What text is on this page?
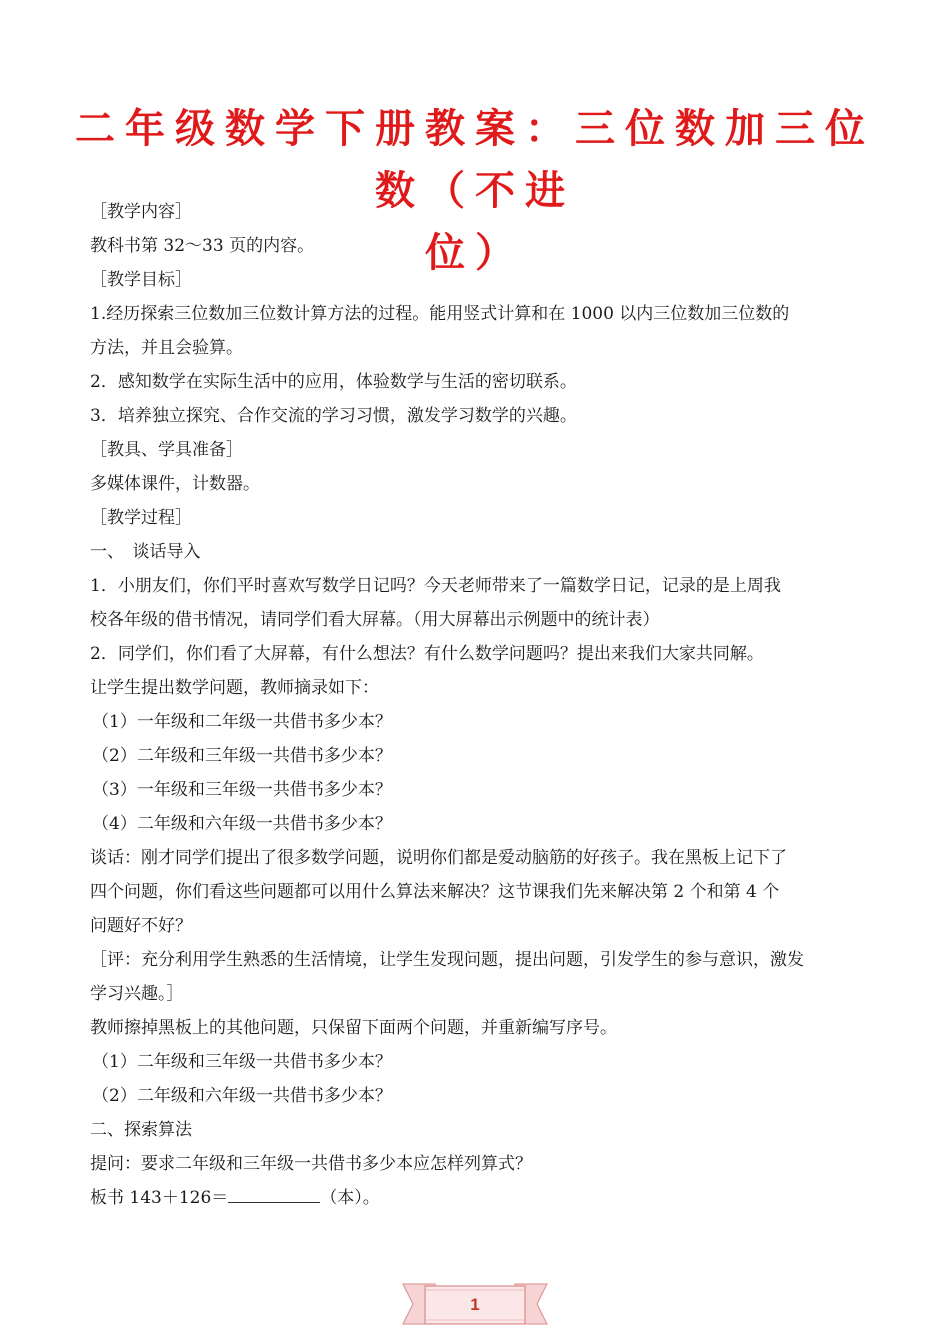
二年级数学下册教案：三位数加三位数（不进
位）

［教学内容］

教科书第 32～33 页的内容。

［教学目标］

1.经历探索三位数加三位数计算方法的过程。能用竖式计算和在 1000 以内三位数加三位数的

方法，并且会验算。

2．感知数学在实际生活中的应用，体验数学与生活的密切联系。

3．培养独立探究、合作交流的学习习惯，激发学习数学的兴趣。

［教具、学具准备］

多媒体课件，计数器。

［教学过程］

一、　谈话导入

1．小朋友们，你们平时喜欢写数学日记吗？今天老师带来了一篇数学日记，记录的是上周我

校各年级的借书情况，请同学们看大屏幕。（用大屏幕出示例题中的统计表）

2．同学们，你们看了大屏幕，有什么想法？有什么数学问题吗？提出来我们大家共同解。

让学生提出数学问题，教师摘录如下：

（1）一年级和二年级一共借书多少本？

（2）二年级和三年级一共借书多少本？

（3）一年级和三年级一共借书多少本？

（4）二年级和六年级一共借书多少本？

谈话：刚才同学们提出了很多数学问题，说明你们都是爱动脑筋的好孩子。我在黑板上记下了

四个问题，你们看这些问题都可以用什么算法来解决？这节课我们先来解决第 2 个和第 4 个

问题好不好？

［评：充分利用学生熟悉的生活情境，让学生发现问题，提出问题，引发学生的参与意识，激发

学习兴趣。］

教师擦掉黑板上的其他问题，只保留下面两个问题，并重新编写序号。

（1）二年级和三年级一共借书多少本？

（2）二年级和六年级一共借书多少本？

二、探索算法

提问：要求二年级和三年级一共借书多少本应怎样列算式？

板书 143＋126＝	（本）。

1
